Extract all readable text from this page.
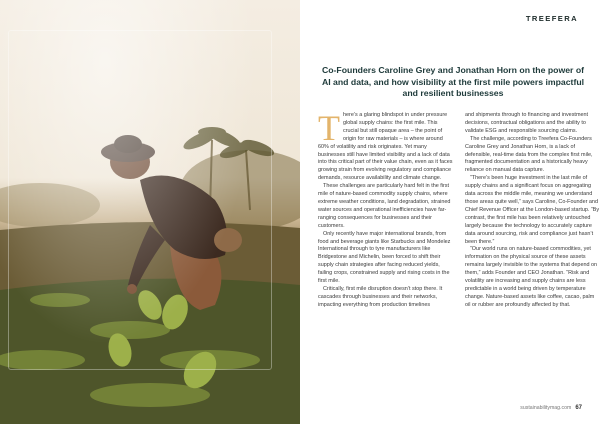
TREEFERA
Co-Founders Caroline Grey and Jonathan Horn on the power of AI and data, and how visibility at the first mile powers impactful and resilient businesses

There’s a glaring blindspot in under pressure global supply chains: the first mile. This crucial but still opaque area – the point of origin for raw materials – is where around 60% of volatility and risk originates. Yet many businesses still have limited visibility and a lack of data into this critical part of their value chain, even as it faces growing strain from evolving regulatory and compliance demands, resource availability and climate change.

These challenges are particularly hard felt in the first mile of nature-based commodity supply chains, where extreme weather conditions, land degradation, strained water sources and operational inefficiencies have far-ranging consequences for businesses and their customers.

Only recently have major international brands, from food and beverage giants like Starbucks and Mondelez International through to tyre manufacturers like Bridgestone and Michelin, been forced to shift their supply chain strategies after facing reduced yields, failing crops, constrained supply and rising costs in the first mile.

Critically, first mile disruption doesn’t stop there. It cascades through businesses and their networks, impacting everything from production timelines

and shipments through to financing and investment decisions, contractual obligations and the ability to validate ESG and responsible sourcing claims.

The challenge, according to Treefera Co-Founders Caroline Grey and Jonathan Horn, is a lack of defensible, real-time data from the complex first mile, fragmented documentation and a historically heavy reliance on manual data capture.

“There’s been huge investment in the last mile of supply chains and a significant focus on aggregating data across the middle mile, meaning we understand those areas quite well,” says Caroline, Co-Founder and Chief Revenue Officer at the London-based startup. “By contrast, the first mile has been relatively untouched largely because the technology to accurately capture data around sourcing, risk and compliance just hasn’t been there.”

“Our world runs on nature-based commodities, yet information on the physical source of these assets remains largely invisible to the systems that depend on them,” adds Founder and CEO Jonathan. “Risk and volatility are increasing and supply chains are less predictable in a world being driven by temperature change. Nature-based assets like coffee, cacao, palm oil or rubber are profoundly affected by that.

sustainabilitymag.com 67
